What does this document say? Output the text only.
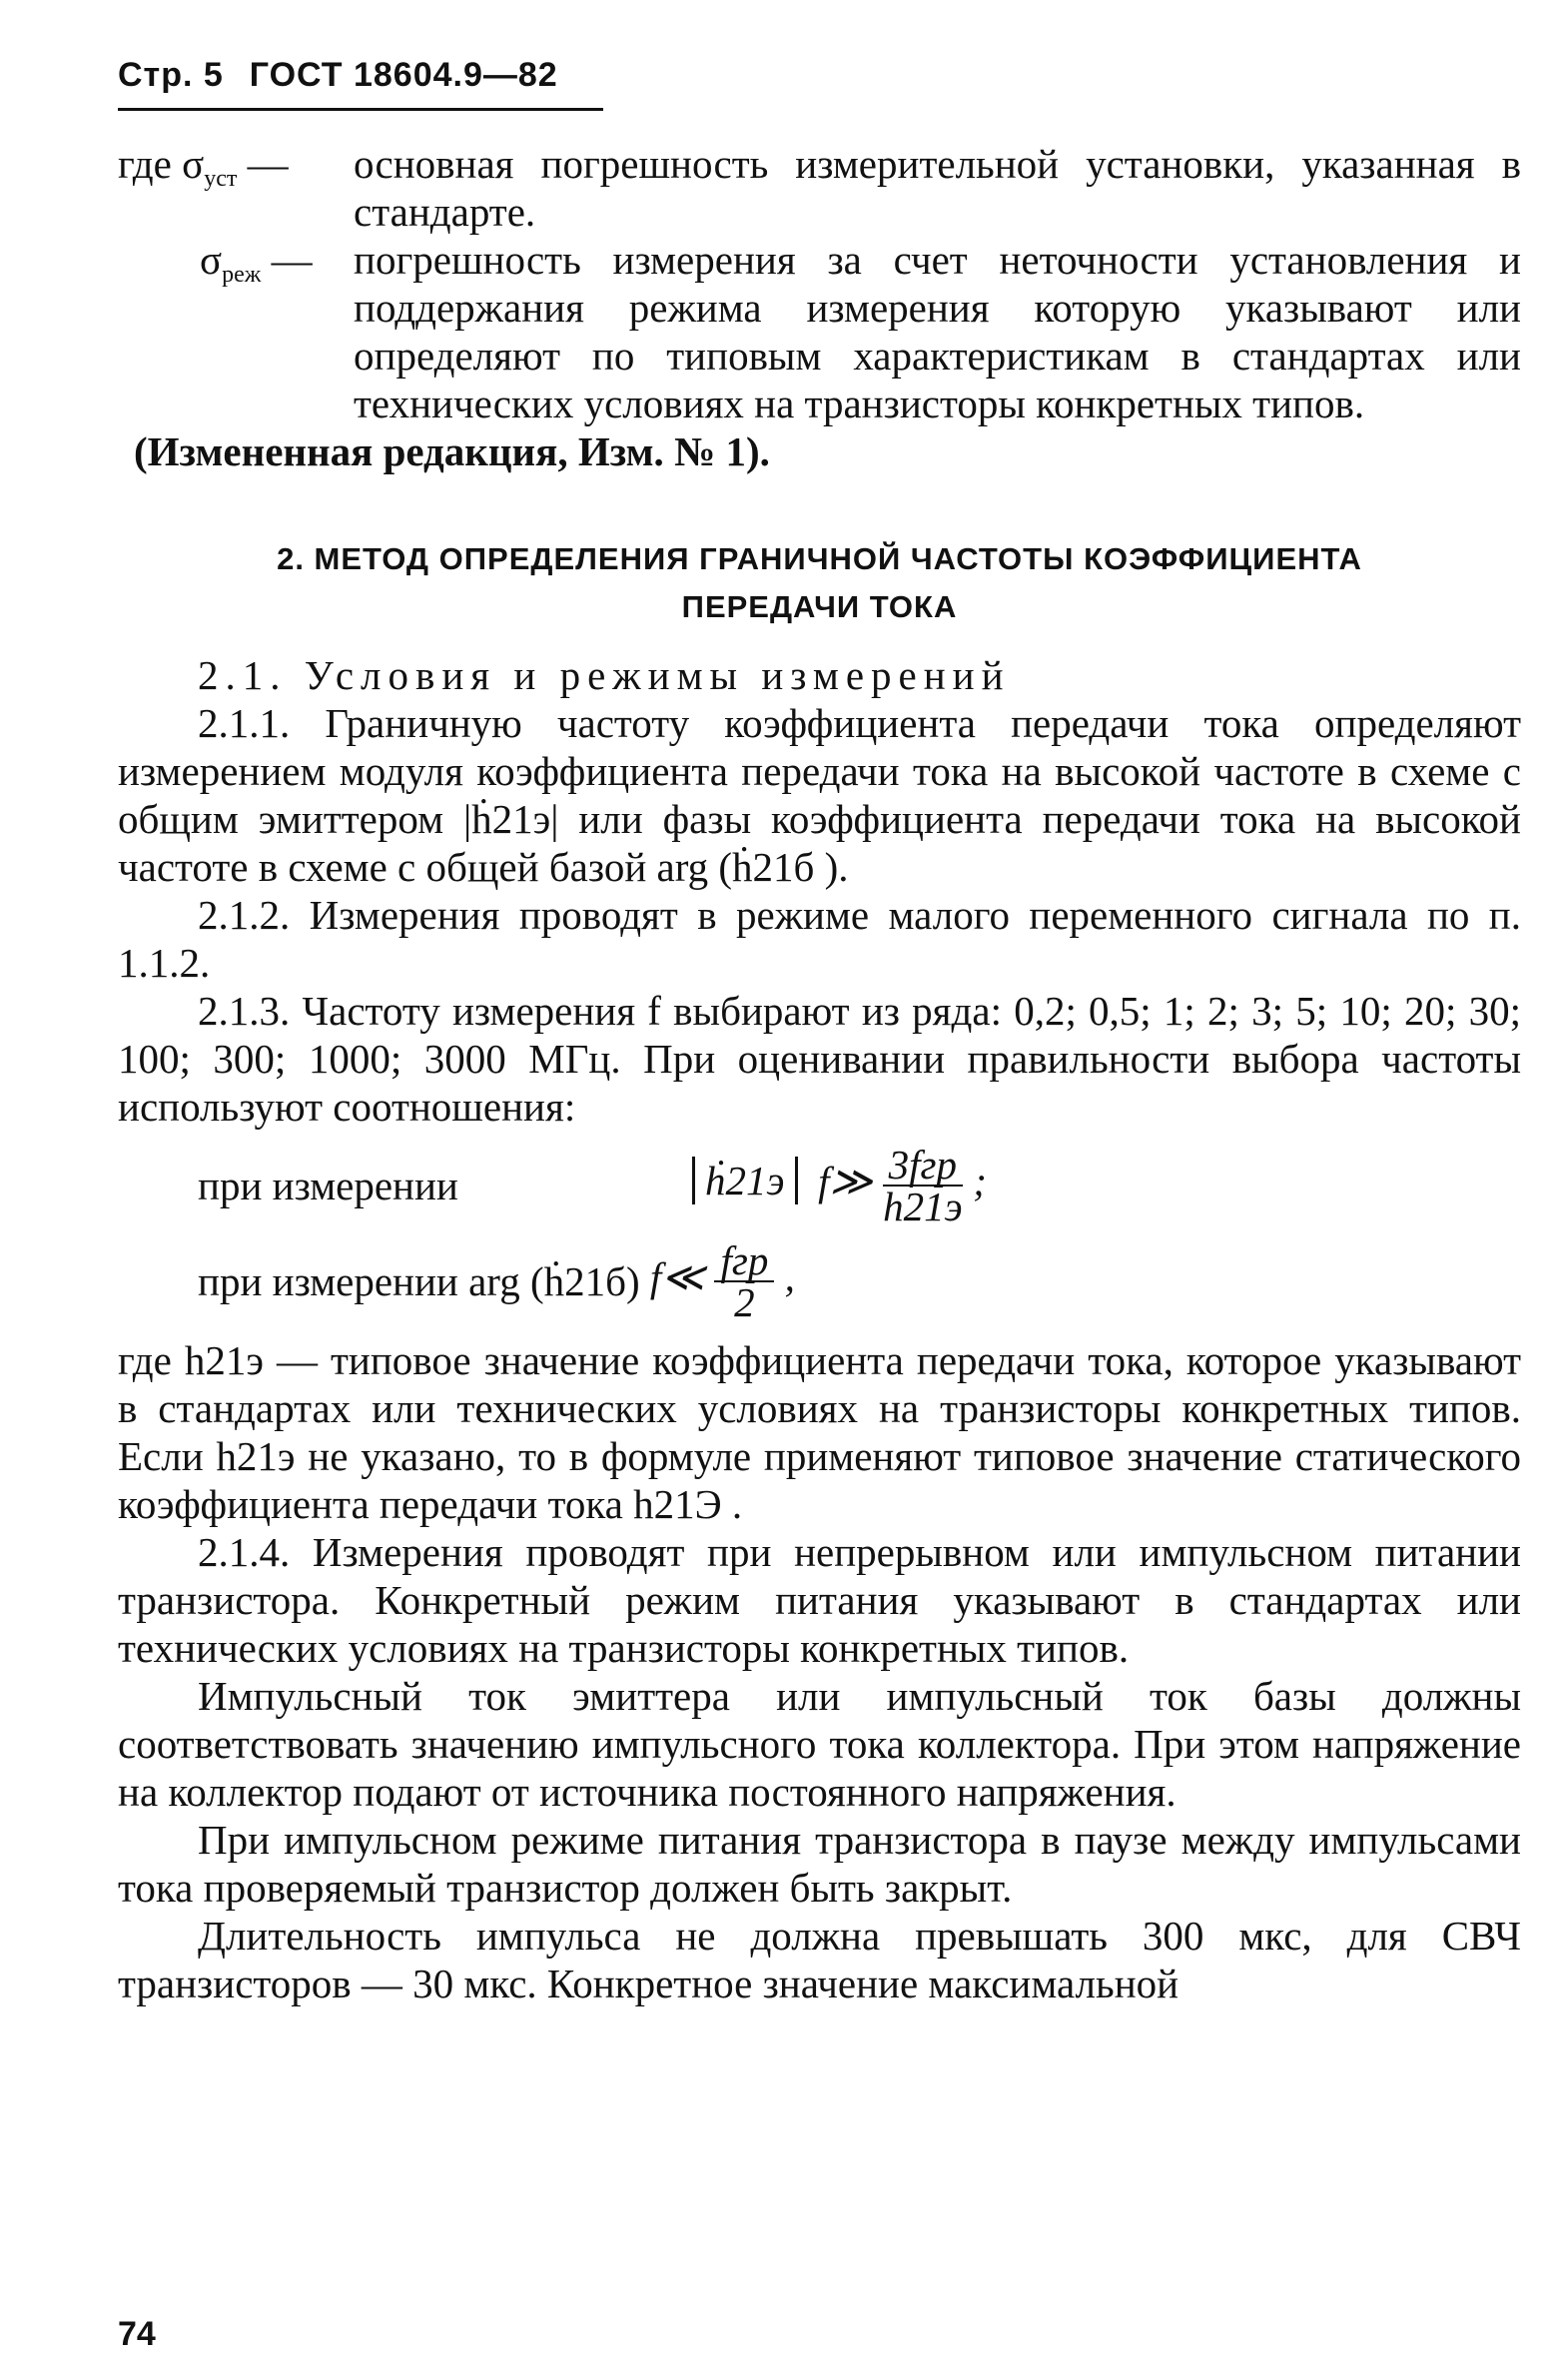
Стр. 5 ГОСТ 18604.9—82
где $\sigma_{уст}$ —	основная погрешность измерительной установки, указанная в стандарте.
$\sigma_{реж}$ —	погрешность измерения за счет неточности установления и поддержания режима измерения которую указывают или определяют по типовым характеристикам в стандартах или технических условиях на транзисторы конкретных типов.

(Измененная редакция, Изм. № 1).

2. МЕТОД ОПРЕДЕЛЕНИЯ ГРАНИЧНОЙ ЧАСТОТЫ КОЭФФИЦИЕНТА
ПЕРЕДАЧИ ТОКА

2.1. Условия и режимы измерений

2.1.1. Граничную частоту коэффициента передачи тока определяют измерением модуля коэффициента передачи тока на высокой частоте в схеме с общим эмиттером |ḣ21э| или фазы коэффициента передачи тока на высокой частоте в схеме с общей базой arg (ḣ21б ).

2.1.2. Измерения проводят в режиме малого переменного сигнала по п. 1.1.2.

2.1.3. Частоту измерения f выбирают из ряда: 0,2; 0,5; 1; 2; 3; 5; 10; 20; 30; 100; 300; 1000; 3000 МГц. При оценивании правильности выбора частоты используют соотношения:

при измерении	ḣ21э f≫ $\frac{\text{3fгр}}{h21э}$ ;
при измерении arg (ḣ21б) f≪ $\frac{\text{fгр}}{2}$ ,

где h21э — типовое значение коэффициента передачи тока, которое указывают в стандартах или технических условиях на транзисторы конкретных типов. Если h21э не указано, то в формуле применяют типовое значение статического коэффициента передачи тока h21Э .

2.1.4. Измерения проводят при непрерывном или импульсном питании транзистора. Конкретный режим питания указывают в стандартах или технических условиях на транзисторы конкретных типов.

Импульсный ток эмиттера или импульсный ток базы должны соответствовать значению импульсного тока коллектора. При этом напряжение на коллектор подают от источника постоянного напряжения.

При импульсном режиме питания транзистора в паузе между импульсами тока проверяемый транзистор должен быть закрыт.

Длительность импульса не должна превышать 300 мкс, для СВЧ транзисторов — 30 мкс. Конкретное значение максимальной

74
